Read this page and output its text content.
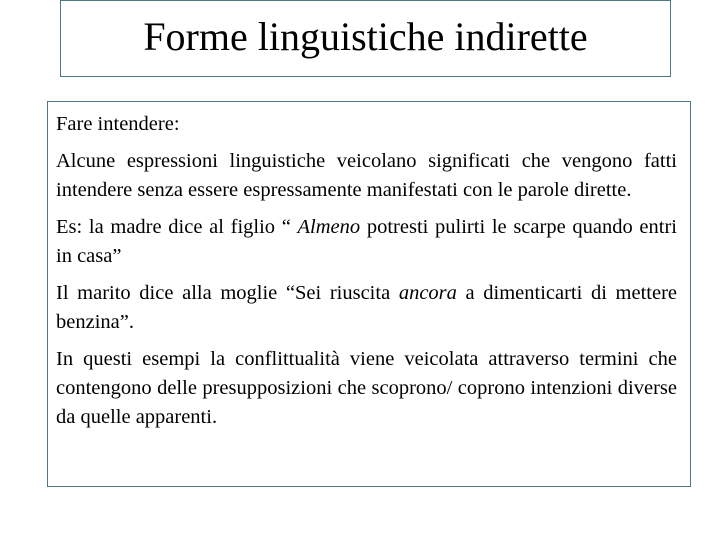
Forme linguistiche indirette

Fare intendere:

Alcune espressioni linguistiche veicolano significati che vengono fatti intendere senza essere espressamente manifestati con le parole dirette.

Es: la madre dice al figlio “ Almeno potresti pulirti le scarpe quando entri in casa”

Il marito dice alla moglie “Sei riuscita ancora a dimenticarti di mettere benzina”.

In questi esempi la conflittualità viene veicolata attraverso termini che contengono delle presupposizioni che scoprono/ coprono intenzioni diverse da quelle apparenti.
